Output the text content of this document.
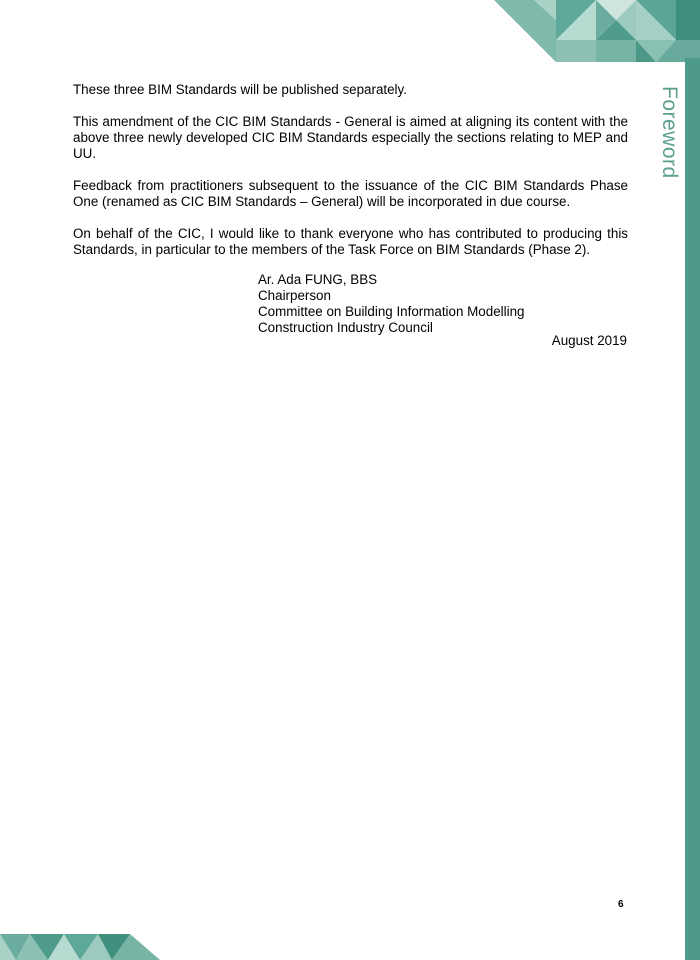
Foreword

These three BIM Standards will be published separately.

This amendment of the CIC BIM Standards - General is aimed at aligning its content with the above three newly developed CIC BIM Standards especially the sections relating to MEP and UU.

Feedback from practitioners subsequent to the issuance of the CIC BIM Standards Phase One (renamed as CIC BIM Standards – General) will be incorporated in due course.

On behalf of the CIC, I would like to thank everyone who has contributed to producing this Standards, in particular to the members of the Task Force on BIM Standards (Phase 2).

Ar. Ada FUNG, BBS
Chairperson
Committee on Building Information Modelling
Construction Industry Council
August 2019
6
